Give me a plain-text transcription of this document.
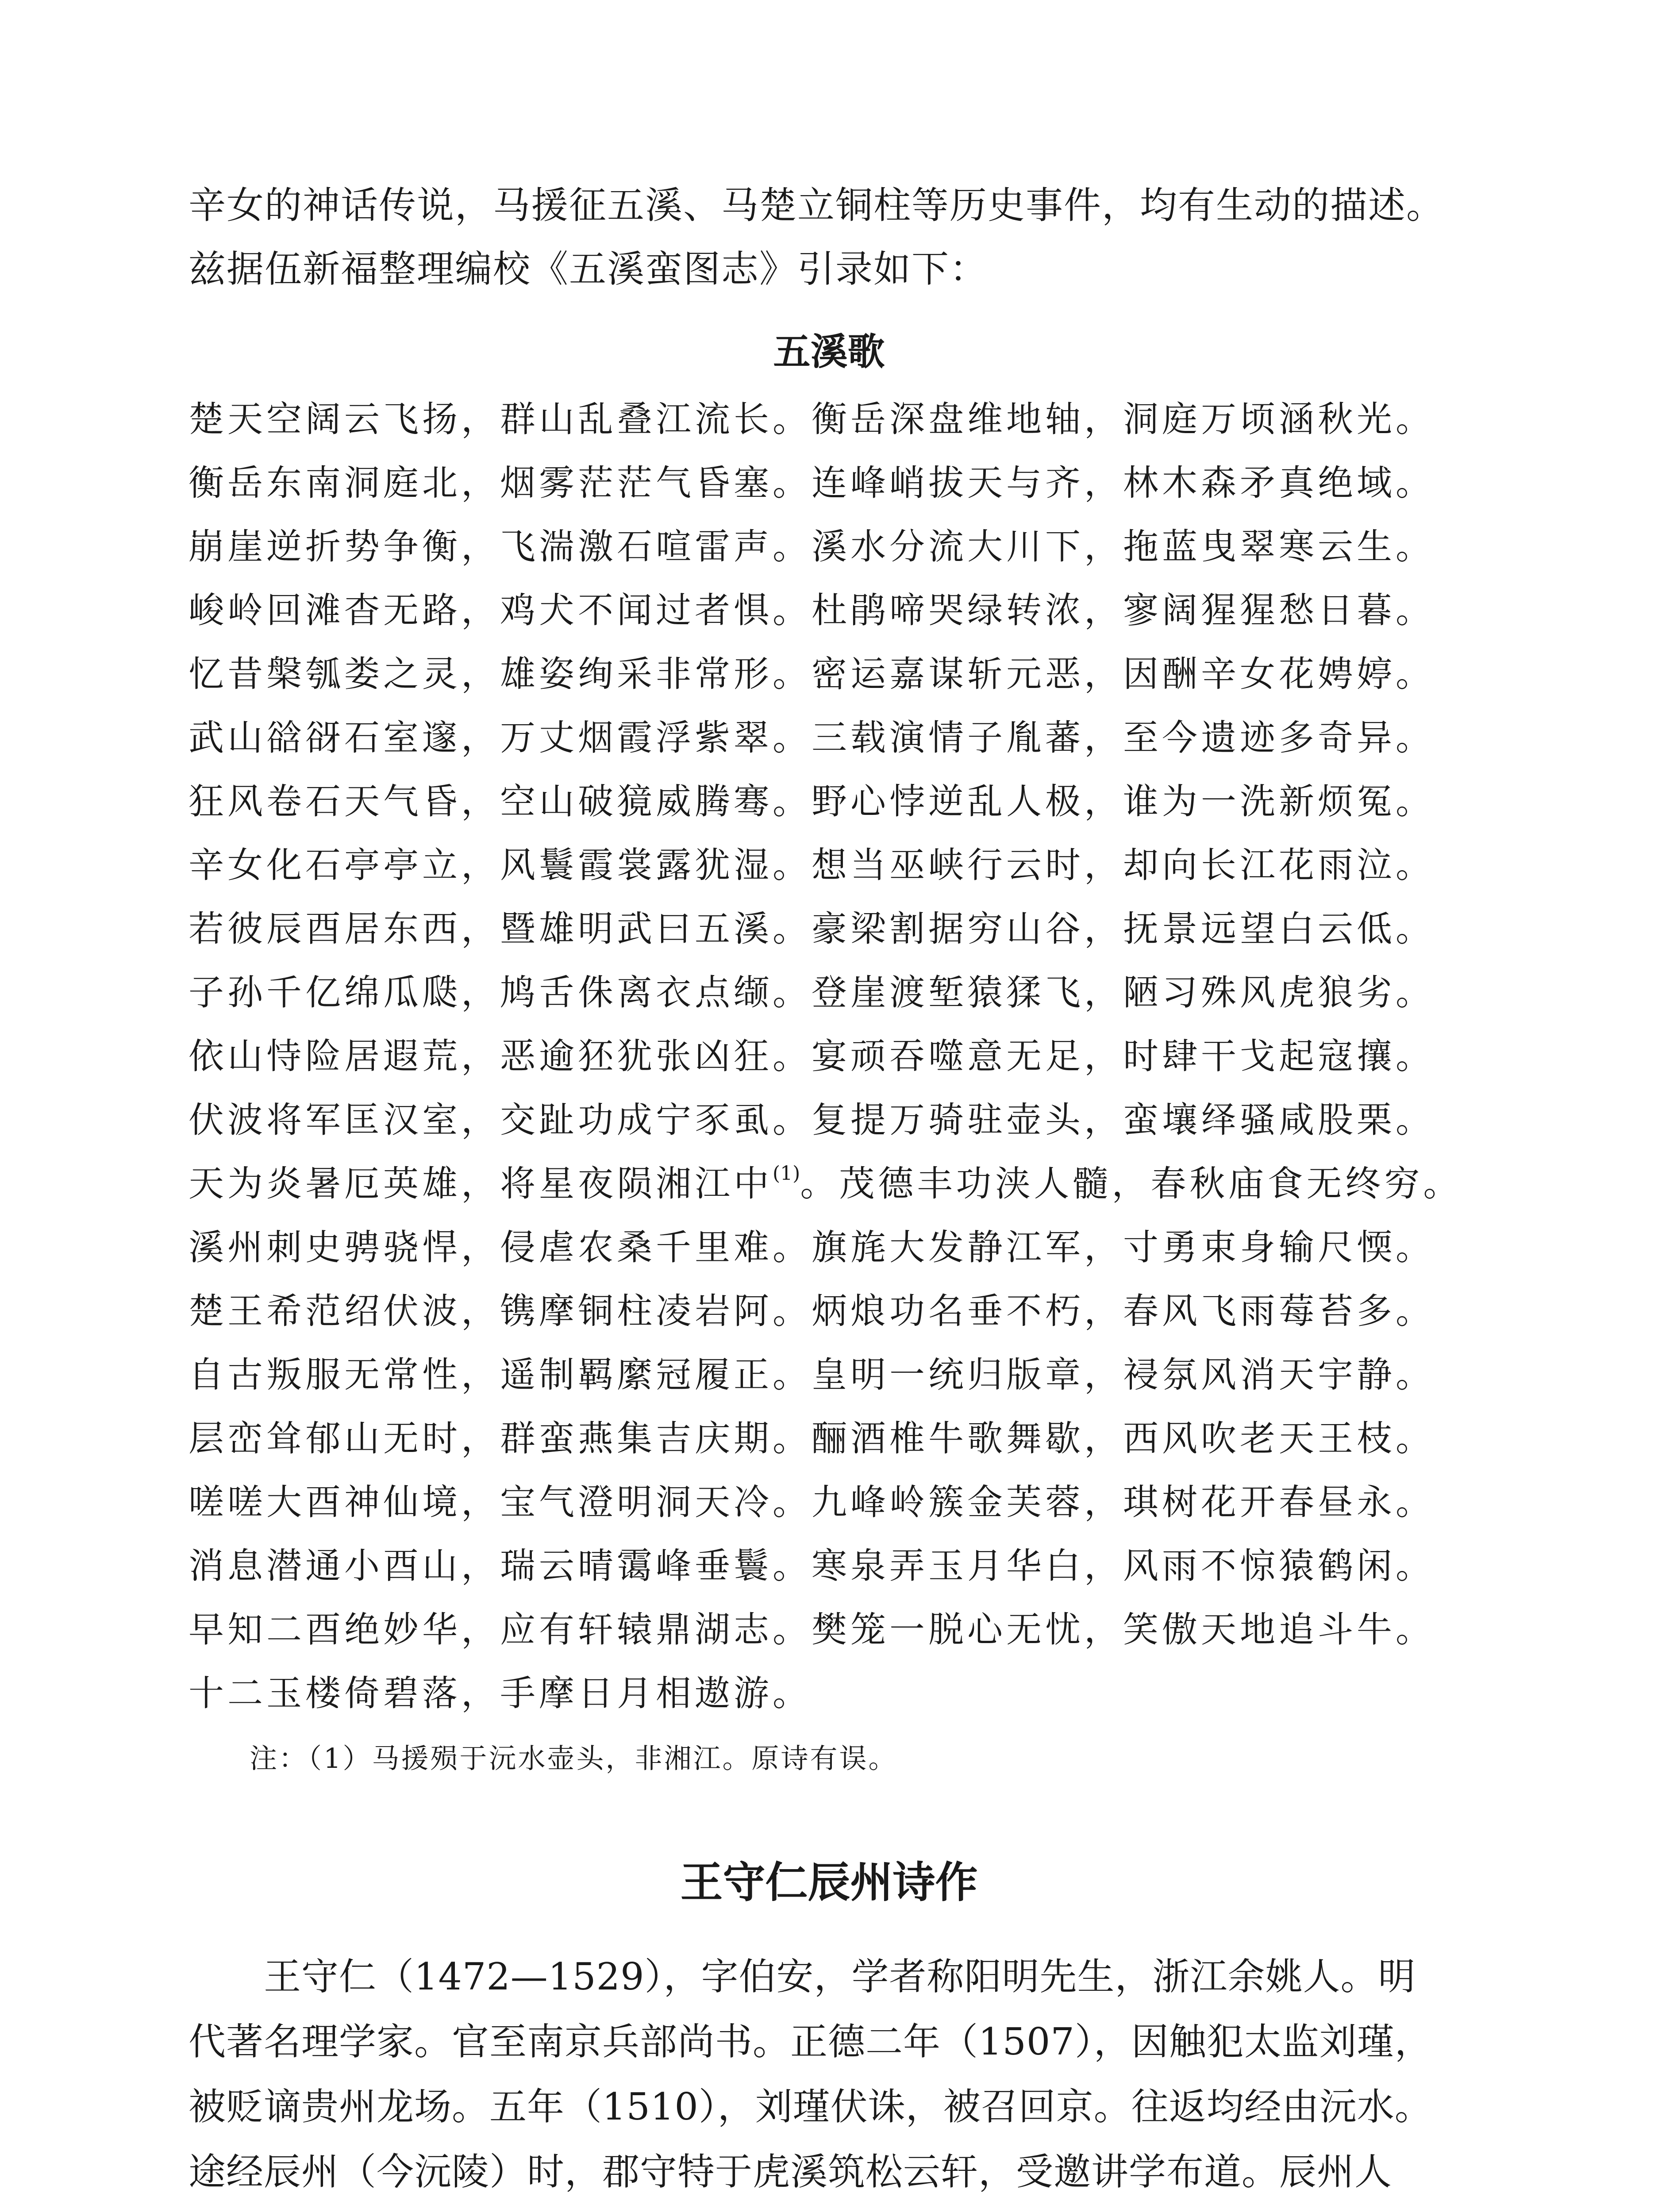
辛女的神话传说，马援征五溪、马楚立铜柱等历史事件，均有生动的描述。

兹据伍新福整理编校《五溪蛮图志》引录如下：

五溪歌
楚天空阔云飞扬，群山乱叠江流长。衡岳深盘维地轴，洞庭万顷涵秋光。
衡岳东南洞庭北，烟雾茫茫气昏塞。连峰峭拔天与齐，林木森矛真绝域。
崩崖逆折势争衡，飞湍激石喧雷声。溪水分流大川下，拖蓝曳翠寒云生。
峻岭回滩杳无路，鸡犬不闻过者惧。杜鹃啼哭绿转浓，寥阔猩猩愁日暮。
忆昔槃瓠娄之灵，雄姿绚采非常形。密运嘉谋斩元恶，因酬辛女花娉婷。
武山谽谺石室邃，万丈烟霞浮紫翠。三载演情子胤蕃，至今遗迹多奇异。
狂风卷石天气昏，空山破獍威腾骞。野心悖逆乱人极，谁为一洗新烦冤。
辛女化石亭亭立，风鬟霞裳露犹湿。想当巫峡行云时，却向长江花雨泣。
若彼辰酉居东西，暨雄明武曰五溪。豪梁割据穷山谷，抚景远望白云低。
子孙千亿绵瓜瓞，鸠舌侏离衣点缬。登崖渡堑猿猱飞，陋习殊风虎狼劣。
依山恃险居遐荒，恶逾狉犹张凶狂。宴顽吞噬意无足，时肆干戈起寇攘。
伏波将军匡汉室，交趾功成宁豕虱。复提万骑驻壶头，蛮壤绎骚咸股栗。
天为炎暑厄英雄，将星夜陨湘江中$^{(1)}$。茂德丰功浃人髓，春秋庙食无终穷。
溪州刺史骋骁悍，侵虐农桑千里难。旗旄大发静江军，寸勇束身输尺愞。
楚王希范绍伏波，镌摩铜柱凌岩阿。炳烺功名垂不朽，春风飞雨莓苔多。
自古叛服无常性，遥制羁縻冠履正。皇明一统归版章，祲氛风消天宇静。
层峦耸郁山无时，群蛮燕集吉庆期。酾酒椎牛歌舞歇，西风吹老天王枝。
嗟嗟大酉神仙境，宝气澄明洞天冷。九峰岭簇金芙蓉，琪树花开春昼永。
消息潜通小酉山，瑞云晴霭峰垂鬟。寒泉弄玉月华白，风雨不惊猿鹤闲。
早知二酉绝妙华，应有轩辕鼎湖志。樊笼一脱心无忧，笑傲天地追斗牛。
十二玉楼倚碧落，手摩日月相遨游。
注：（1）马援殒于沅水壶头，非湘江。原诗有误。
王守仁辰州诗作
　　王守仁（1472—1529），字伯安，学者称阳明先生，浙江余姚人。明
代著名理学家。官至南京兵部尚书。正德二年（1507），因触犯太监刘瑾，
被贬谪贵州龙场。五年（1510），刘瑾伏诛，被召回京。往返均经由沅水。
途经辰州（今沅陵）时，郡守特于虎溪筑松云轩，受邀讲学布道。辰州人
